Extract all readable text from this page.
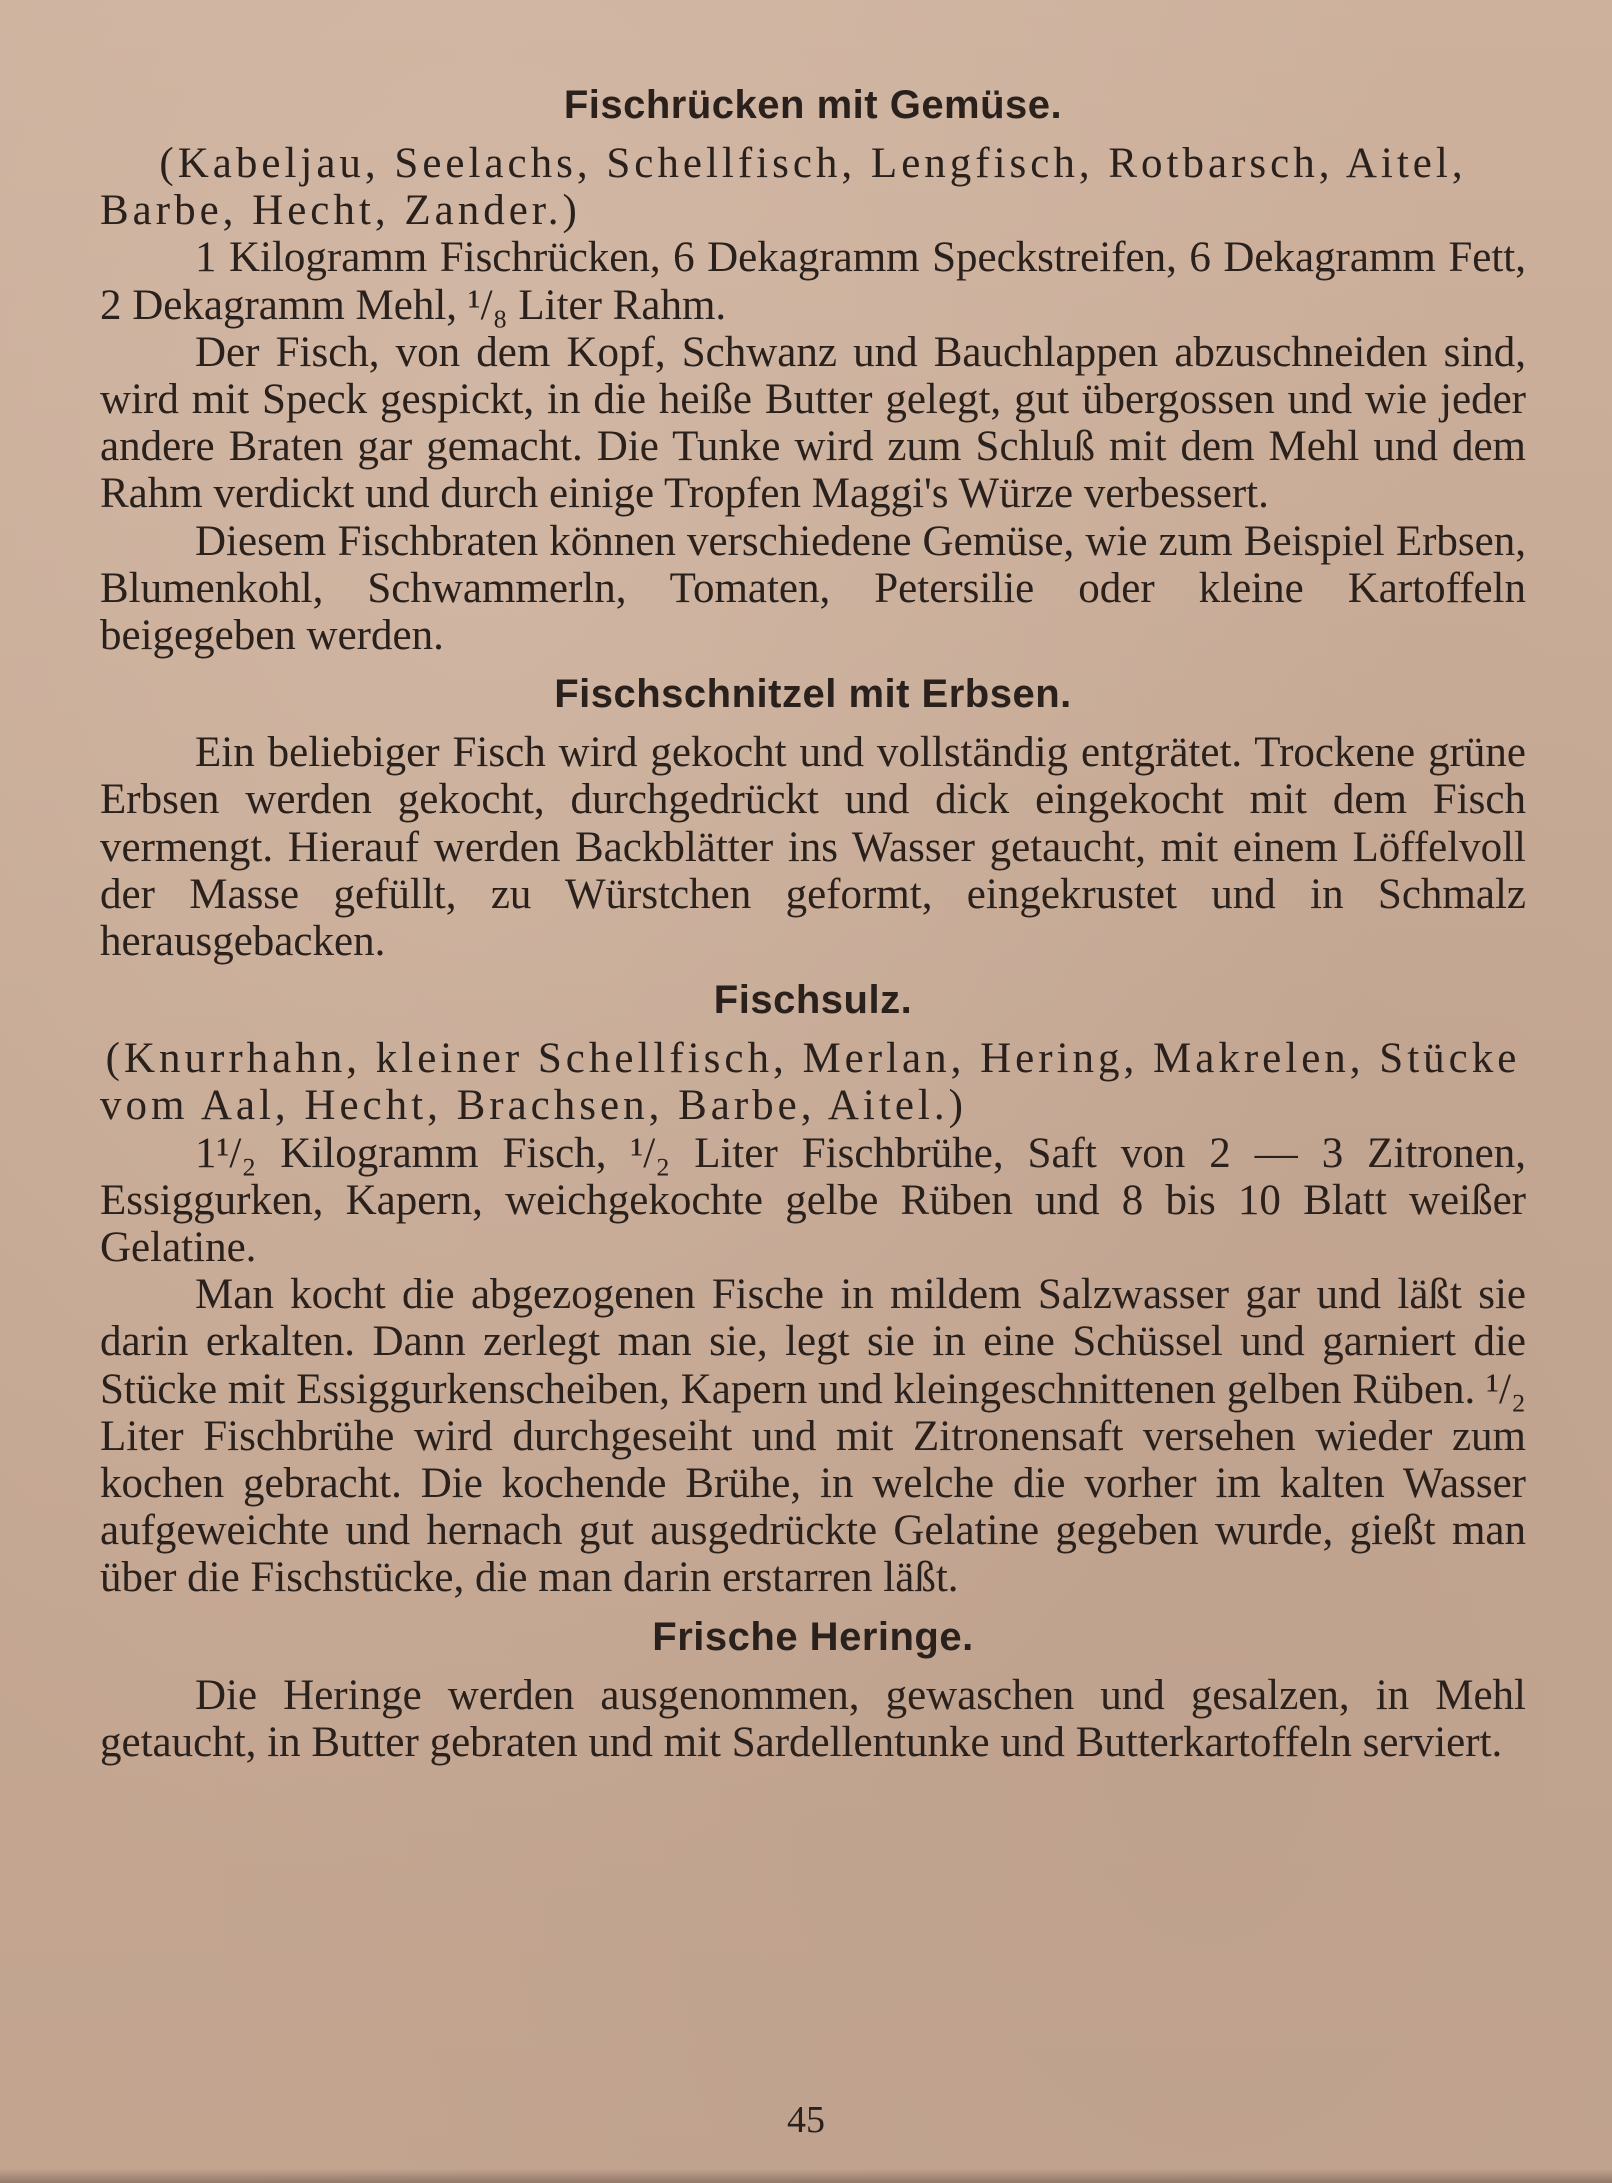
Fischrücken mit Gemüse.

(Kabeljau, Seelachs, Schellfisch, Lengfisch, Rotbarsch, Aitel, Barbe, Hecht, Zander.)

1 Kilogramm Fischrücken, 6 Dekagramm Speckstreifen, 6 Dekagramm Fett, 2 Dekagramm Mehl, ¹/₈ Liter Rahm.

Der Fisch, von dem Kopf, Schwanz und Bauchlappen abzuschneiden sind, wird mit Speck gespickt, in die heiße Butter gelegt, gut übergossen und wie jeder andere Braten gar gemacht. Die Tunke wird zum Schluß mit dem Mehl und dem Rahm verdickt und durch einige Tropfen Maggi's Würze verbessert.

Diesem Fischbraten können verschiedene Gemüse, wie zum Beispiel Erbsen, Blumenkohl, Schwammerln, Tomaten, Petersilie oder kleine Kartoffeln beigegeben werden.

Fischschnitzel mit Erbsen.

Ein beliebiger Fisch wird gekocht und vollständig entgrätet. Trockene grüne Erbsen werden gekocht, durchgedrückt und dick eingekocht mit dem Fisch vermengt. Hierauf werden Backblätter ins Wasser getaucht, mit einem Löffelvoll der Masse gefüllt, zu Würstchen geformt, eingekrustet und in Schmalz herausgebacken.

Fischsulz.

(Knurrhahn, kleiner Schellfisch, Merlan, Hering, Makrelen, Stücke vom Aal, Hecht, Brachsen, Barbe, Aitel.)

1¹/₂ Kilogramm Fisch, ¹/₂ Liter Fischbrühe, Saft von 2 — 3 Zitronen, Essiggurken, Kapern, weichgekochte gelbe Rüben und 8 bis 10 Blatt weißer Gelatine.

Man kocht die abgezogenen Fische in mildem Salzwasser gar und läßt sie darin erkalten. Dann zerlegt man sie, legt sie in eine Schüssel und garniert die Stücke mit Essiggurkenscheiben, Kapern und kleingeschnittenen gelben Rüben. ¹/₂ Liter Fischbrühe wird durchgeseiht und mit Zitronensaft versehen wieder zum kochen gebracht. Die kochende Brühe, in welche die vorher im kalten Wasser aufgeweichte und hernach gut ausgedrückte Gelatine gegeben wurde, gießt man über die Fischstücke, die man darin erstarren läßt.

Frische Heringe.

Die Heringe werden ausgenommen, gewaschen und gesalzen, in Mehl getaucht, in Butter gebraten und mit Sardellentunke und Butterkartoffeln serviert.

45
